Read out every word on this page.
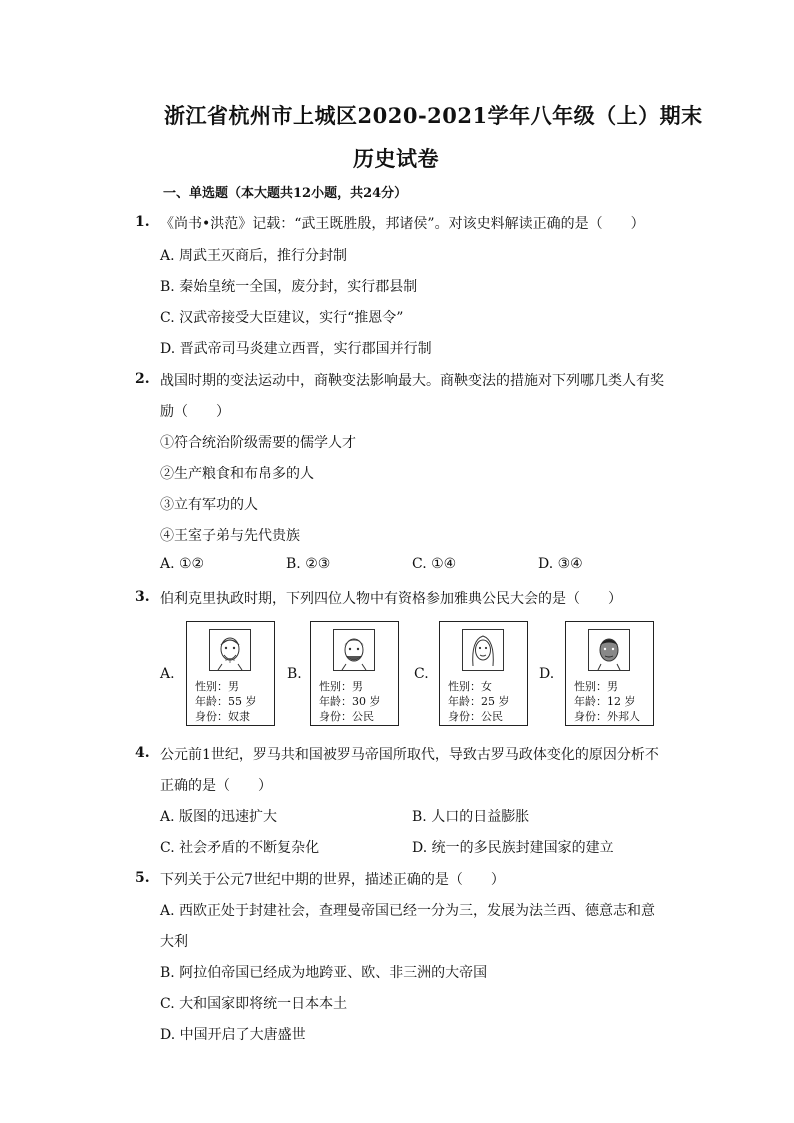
浙江省杭州市上城区2020-2021学年八年级（上）期末
历史试卷
一、单选题（本大题共12小题，共24分）
1. 《尚书•洪范》记载：“武王既胜殷，邦诸侯”。对该史料解读正确的是（　　）
A. 周武王灭商后，推行分封制
B. 秦始皇统一全国，废分封，实行郡县制
C. 汉武帝接受大臣建议，实行“推恩令”
D. 晋武帝司马炎建立西晋，实行郡国并行制
2. 战国时期的变法运动中，商鞅变法影响最大。商鞅变法的措施对下列哪几类人有奖
励（　　）
①符合统治阶级需要的儒学人才
②生产粮食和布帛多的人
③立有军功的人
④王室子弟与先代贵族
A. ①②	B. ②③	C. ①④	D. ③④
3. 伯利克里执政时期，下列四位人物中有资格参加雅典公民大会的是（　　）
A.
性别：男
年龄：55 岁
身份：奴隶
B.
性别：男
年龄：30 岁
身份：公民
C.
性别：女
年龄：25 岁
身份：公民
D.
性别：男
年龄：12 岁
身份：外邦人
4. 公元前1世纪，罗马共和国被罗马帝国所取代，导致古罗马政体变化的原因分析不
正确的是（　　）
A. 版图的迅速扩大	B. 人口的日益膨胀
C. 社会矛盾的不断复杂化	D. 统一的多民族封建国家的建立
5. 下列关于公元7世纪中期的世界，描述正确的是（　　）
A. 西欧正处于封建社会，查理曼帝国已经一分为三，发展为法兰西、德意志和意
大利
B. 阿拉伯帝国已经成为地跨亚、欧、非三洲的大帝国
C. 大和国家即将统一日本本土
D. 中国开启了大唐盛世
